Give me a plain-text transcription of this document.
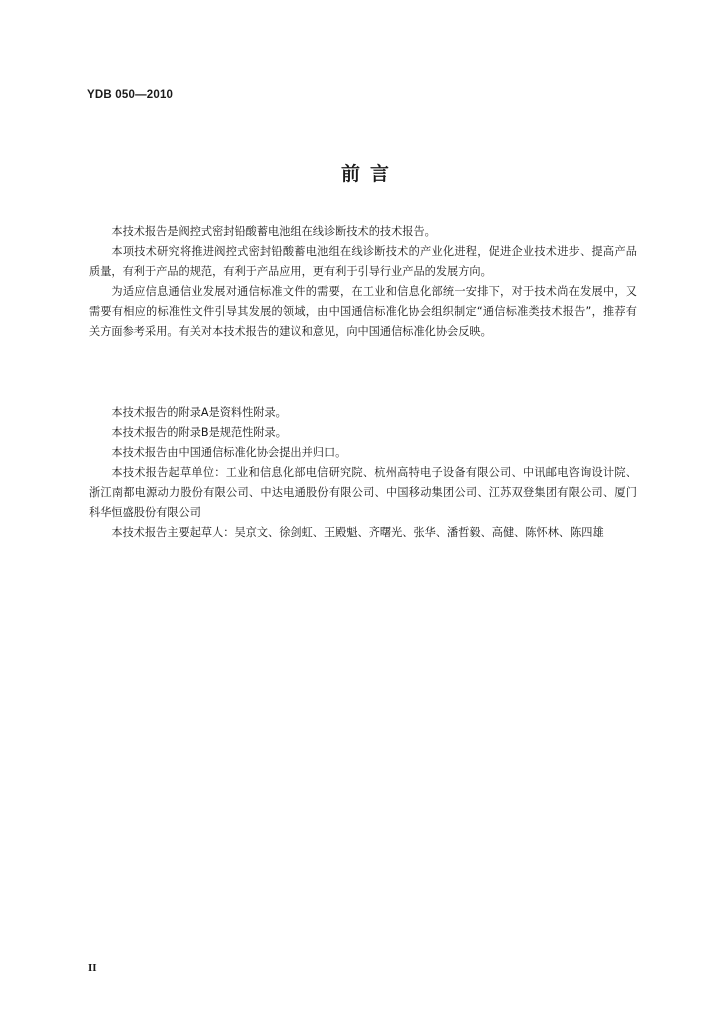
YDB 050—2010
前言

本技术报告是阀控式密封铅酸蓄电池组在线诊断技术的技术报告。

本项技术研究将推进阀控式密封铅酸蓄电池组在线诊断技术的产业化进程，促进企业技术进步、提高产品质量，有利于产品的规范，有利于产品应用，更有利于引导行业产品的发展方向。

为适应信息通信业发展对通信标准文件的需要，在工业和信息化部统一安排下，对于技术尚在发展中，又需要有相应的标准性文件引导其发展的领域，由中国通信标准化协会组织制定“通信标准类技术报告”，推荐有关方面参考采用。有关对本技术报告的建议和意见，向中国通信标准化协会反映。

本技术报告的附录A是资料性附录。

本技术报告的附录B是规范性附录。

本技术报告由中国通信标准化协会提出并归口。

本技术报告起草单位：工业和信息化部电信研究院、杭州高特电子设备有限公司、中讯邮电咨询设计院、浙江南都电源动力股份有限公司、中达电通股份有限公司、中国移动集团公司、江苏双登集团有限公司、厦门科华恒盛股份有限公司

本技术报告主要起草人：吴京文、徐剑虹、王殿魁、齐曙光、张华、潘哲毅、高健、陈怀林、陈四雄

II
